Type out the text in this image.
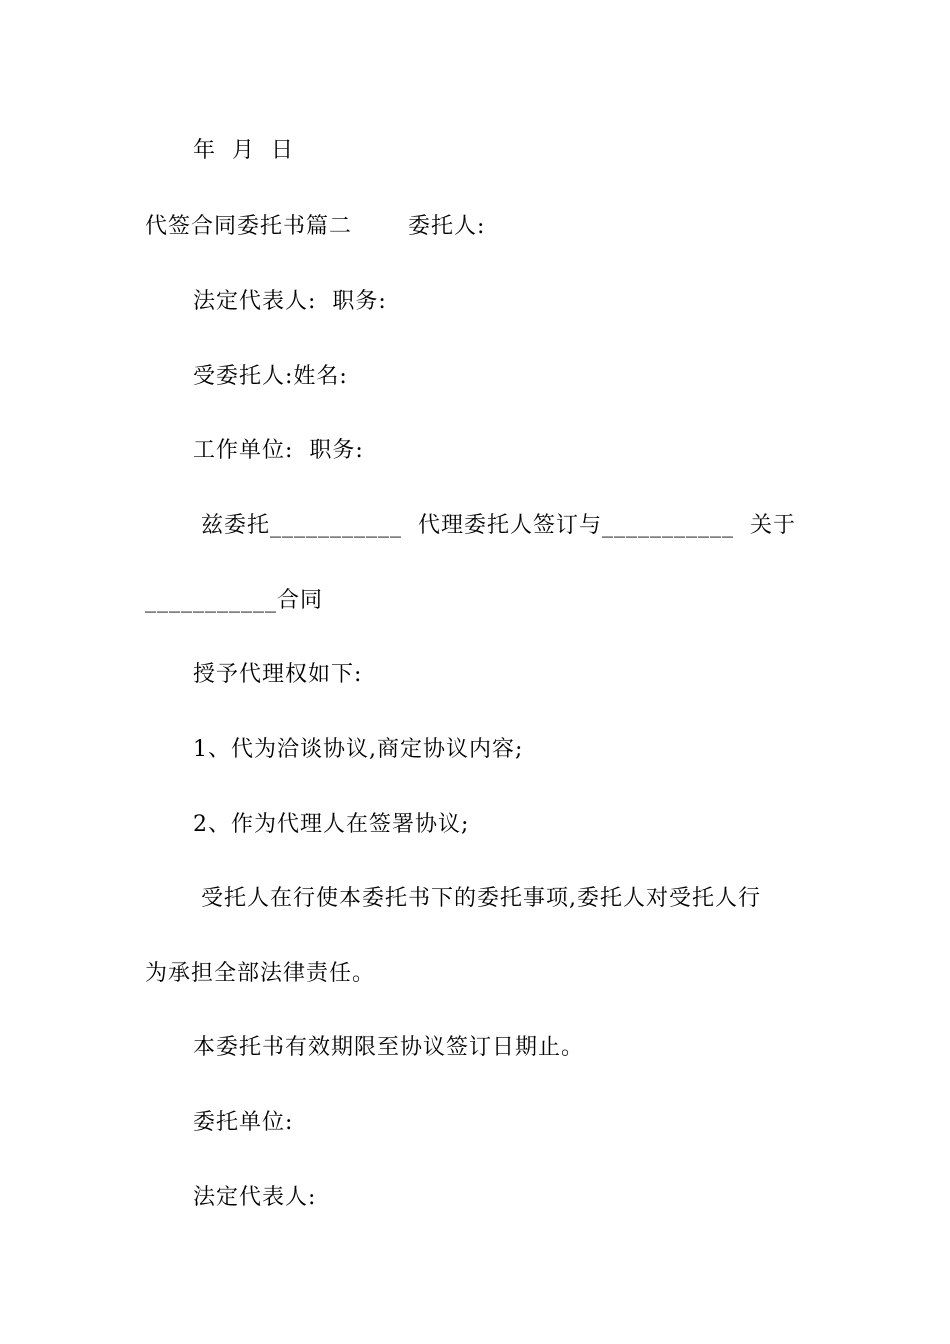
年  月  日
代签合同委托书篇二       委托人:
法定代表人:  职务:
受委托人:姓名:
工作单位:  职务:
兹委托___________  代理委托人签订与___________  关于
___________合同
授予代理权如下:
1、代为洽谈协议,商定协议内容;
2、作为代理人在签署协议;
受托人在行使本委托书下的委托事项,委托人对受托人行
为承担全部法律责任。
本委托书有效期限至协议签订日期止。
委托单位:
法定代表人:
